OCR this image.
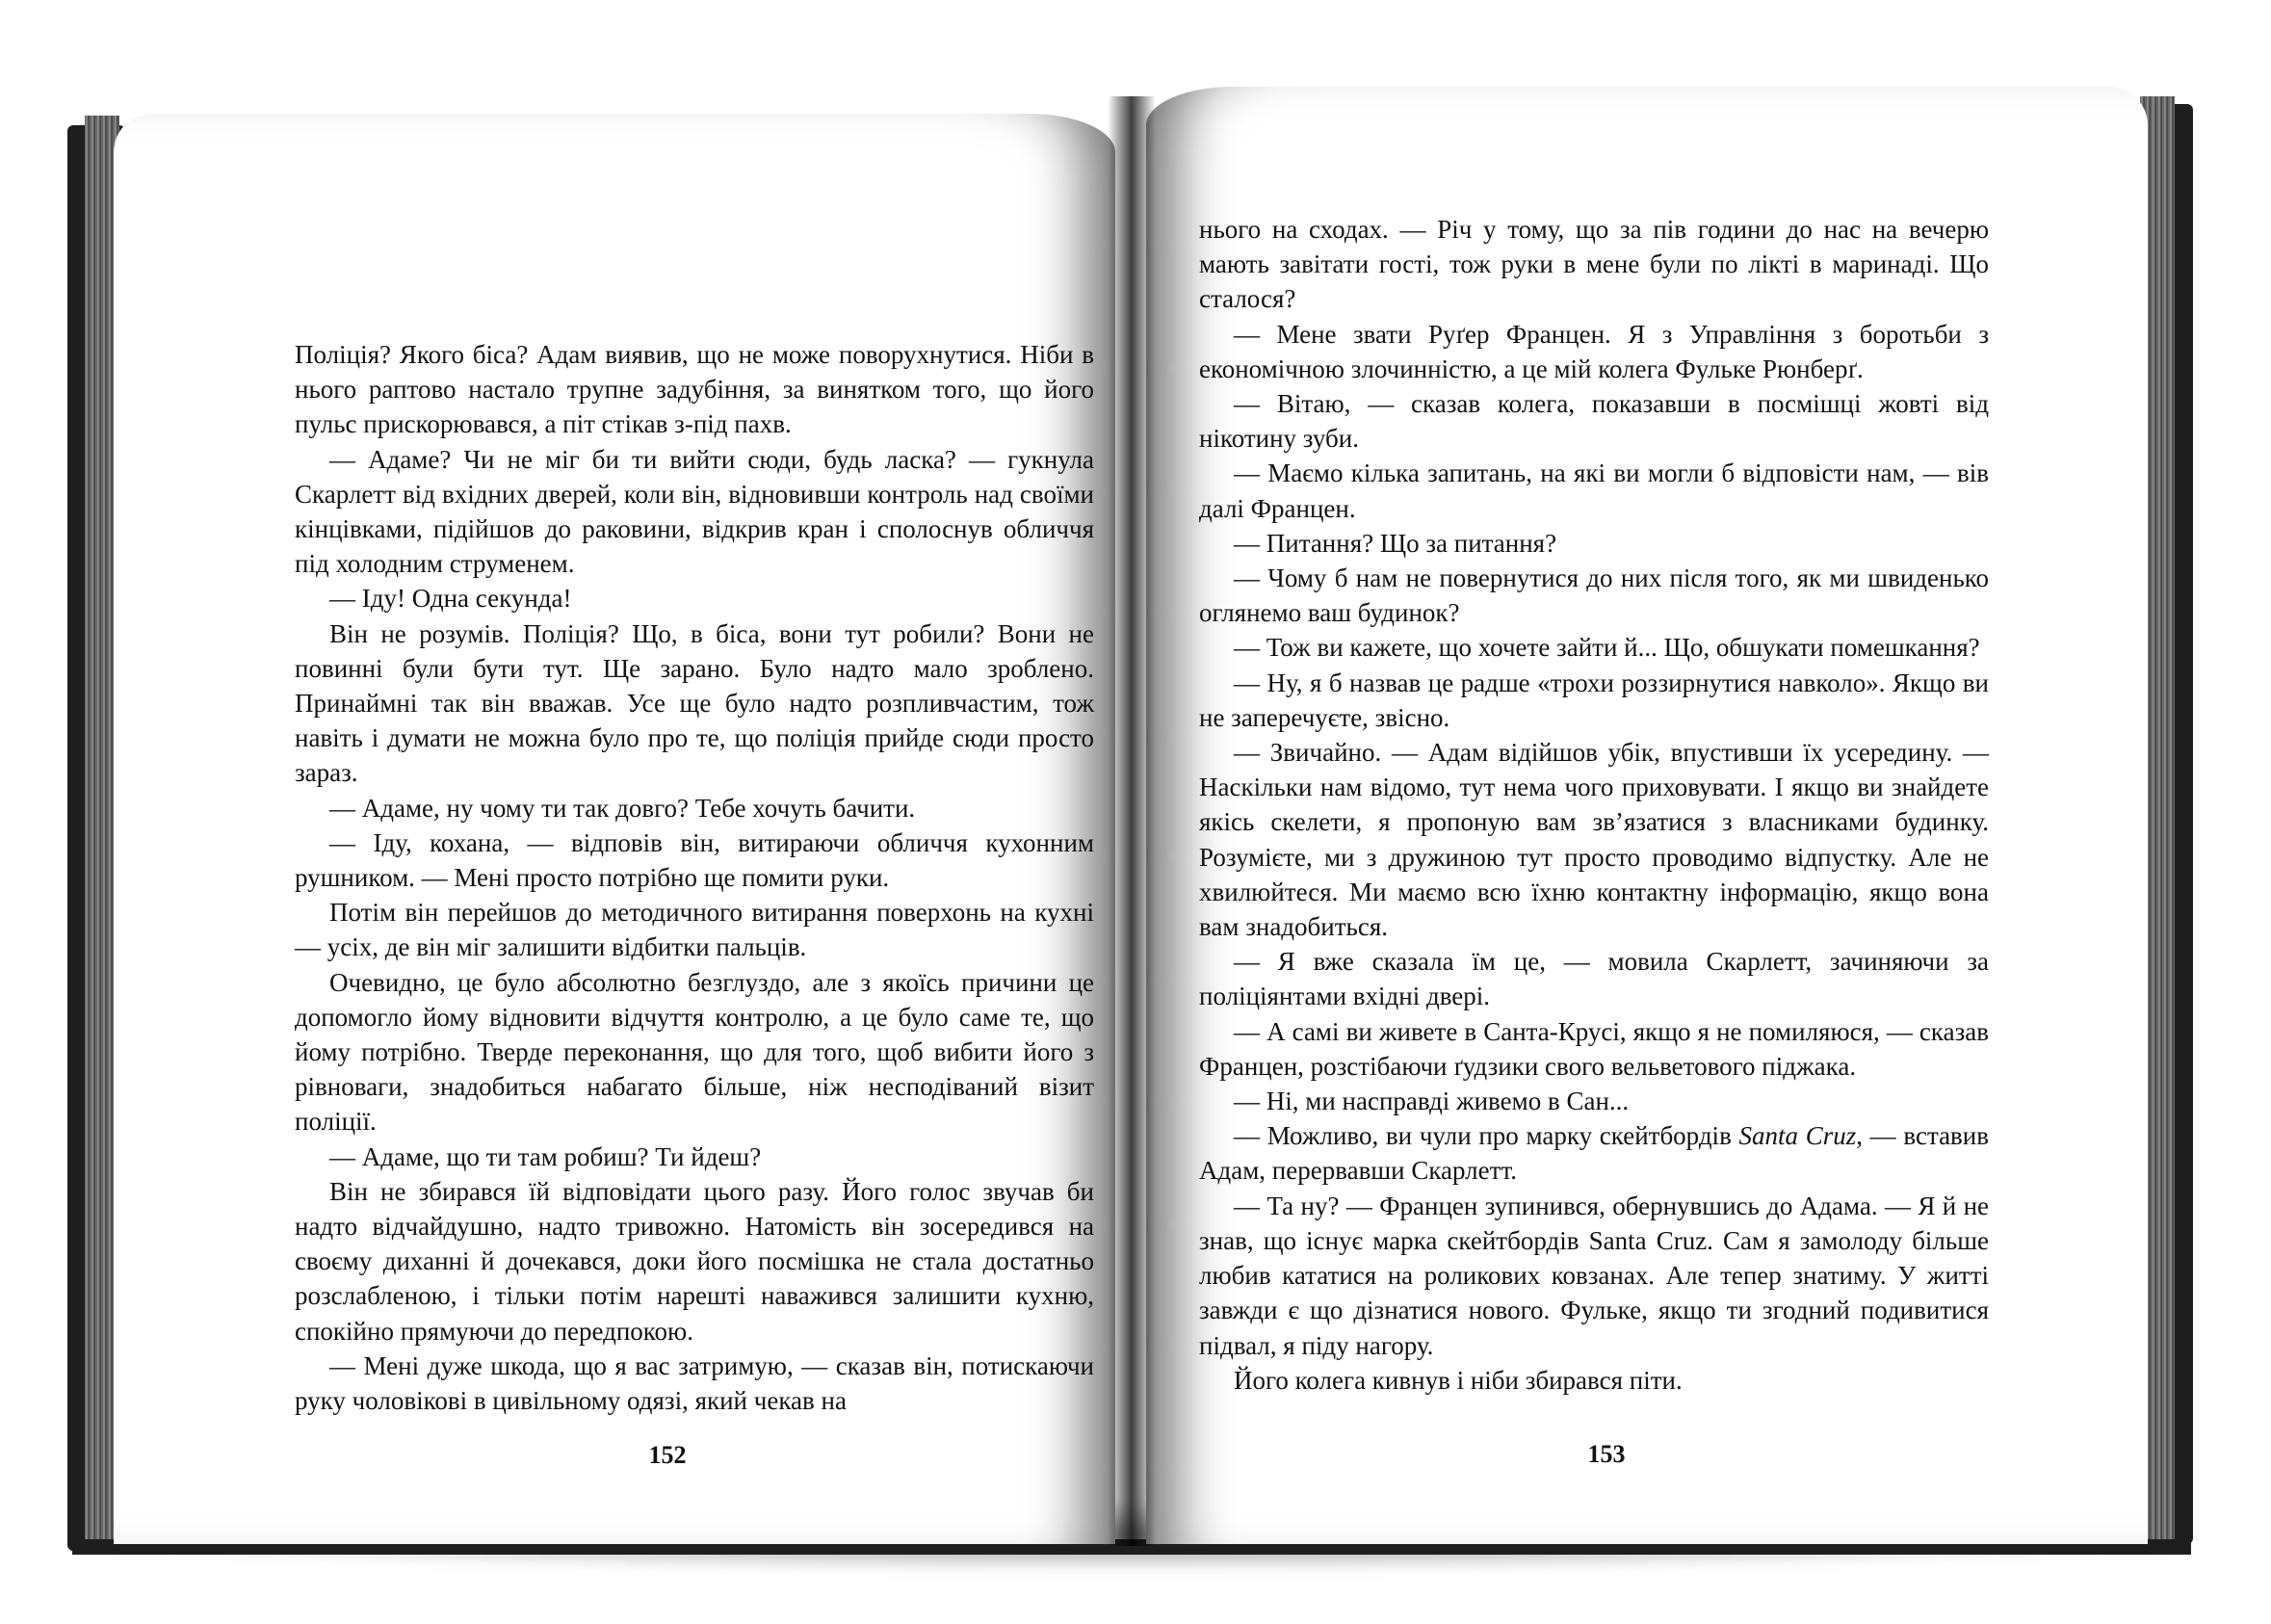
Поліція? Якого біса? Адам виявив, що не може поворухнутися. Ніби в нього раптово настало трупне задубіння, за винятком того, що його пульс прискорювався, а піт стікав з-під пахв.

— Адаме? Чи не міг би ти вийти сюди, будь ласка? — гукнула Скарлетт від вхідних дверей, коли він, відновивши контроль над своїми кінцівками, підійшов до раковини, відкрив кран і сполоснув обличчя під холодним струменем.

— Іду! Одна секунда!

Він не розумів. Поліція? Що, в біса, вони тут робили? Вони не повинні були бути тут. Ще зарано. Було надто мало зроблено. Принаймні так він вважав. Усе ще було надто розпливчастим, тож навіть і думати не можна було про те, що поліція прийде сюди просто зараз.

— Адаме, ну чому ти так довго? Тебе хочуть бачити.

— Іду, кохана, — відповів він, витираючи обличчя кухонним рушником. — Мені просто потрібно ще помити руки.

Потім він перейшов до методичного витирання поверхонь на кухні — усіх, де він міг залишити відбитки пальців.

Очевидно, це було абсолютно безглуздо, але з якоїсь причини це допомогло йому відновити відчуття контролю, а це було саме те, що йому потрібно. Тверде переконання, що для того, щоб вибити його з рівноваги, знадобиться набагато більше, ніж несподіваний візит поліції.

— Адаме, що ти там робиш? Ти йдеш?

Він не збирався їй відповідати цього разу. Його голос звучав би надто відчайдушно, надто тривожно. Натомість він зосередився на своєму диханні й дочекався, доки його посмішка не стала достатньо розслабленою, і тільки потім нарешті наважився залишити кухню, спокійно прямуючи до передпокою.

— Мені дуже шкода, що я вас затримую, — сказав він, потискаючи руку чоловікові в цивільному одязі, який чекав на

152

нього на сходах. — Річ у тому, що за пів години до нас на вечерю мають завітати гості, тож руки в мене були по лікті в маринаді. Що сталося?

— Мене звати Руґер Францен. Я з Управління з боротьби з економічною злочинністю, а це мій колега Фульке Рюнберґ.

— Вітаю, — сказав колега, показавши в посмішці жовті від нікотину зуби.

— Маємо кілька запитань, на які ви могли б відповісти нам, — вів далі Францен.

— Питання? Що за питання?

— Чому б нам не повернутися до них після того, як ми швиденько оглянемо ваш будинок?

— Тож ви кажете, що хочете зайти й... Що, обшукати помешкання?

— Ну, я б назвав це радше «трохи роззирнутися навколо». Якщо ви не заперечуєте, звісно.

— Звичайно. — Адам відійшов убік, впустивши їх усередину. — Наскільки нам відомо, тут нема чого приховувати. І якщо ви знайдете якісь скелети, я пропоную вам зв’язатися з власниками будинку. Розумієте, ми з дружиною тут просто проводимо відпустку. Але не хвилюйтеся. Ми маємо всю їхню контактну інформацію, якщо вона вам знадобиться.

— Я вже сказала їм це, — мовила Скарлетт, зачиняючи за поліціянтами вхідні двері.

— А самі ви живете в Санта-Крусі, якщо я не помиляюся, — сказав Францен, розстібаючи ґудзики свого вельветового піджака.

— Ні, ми насправді живемо в Сан...

— Можливо, ви чули про марку скейтбордів Santa Cruz, — вставив Адам, перервавши Скарлетт.

— Та ну? — Францен зупинився, обернувшись до Адама. — Я й не знав, що існує марка скейтбордів Santa Cruz. Сам я замолоду більше любив кататися на роликових ковзанах. Але тепер знатиму. У житті завжди є що дізнатися нового. Фульке, якщо ти згодний подивитися підвал, я піду нагору.

Його колега кивнув і ніби збирався піти.

153
